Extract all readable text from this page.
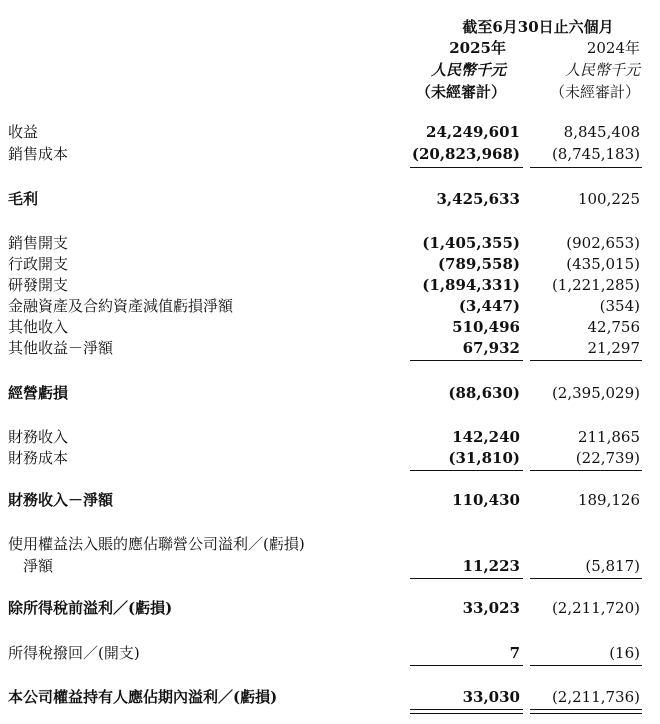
截至6月30日止六個月
2025年	2024年
人民幣千元	人民幣千元
（未經審計）	（未經審計）
收益	24,249,601	8,845,408
銷售成本	(20,823,968) (8,745,183)
毛利	3,425,633	100,225
銷售開支	(1,405,355)	(902,653)
行政開支	(789,558)	(435,015)
研發開支	(1,894,331) (1,221,285)
金融資產及合約資產減值虧損淨額	(3,447)	(354)
其他收入	510,496	42,756
其他收益－淨額	67,932	21,297
經營虧損	(88,630) (2,395,029)
財務收入	142,240	211,865
財務成本	(31,810)	(22,739)
財務收入－淨額	110,430	189,126
使用權益法入賬的應佔聯營公司溢利／(虧損)
　淨額	11,223	(5,817)
除所得稅前溢利／(虧損)	33,023 (2,211,720)
所得稅撥回／(開支)	7	(16)
本公司權益持有人應佔期內溢利／(虧損)	33,030 (2,211,736)
